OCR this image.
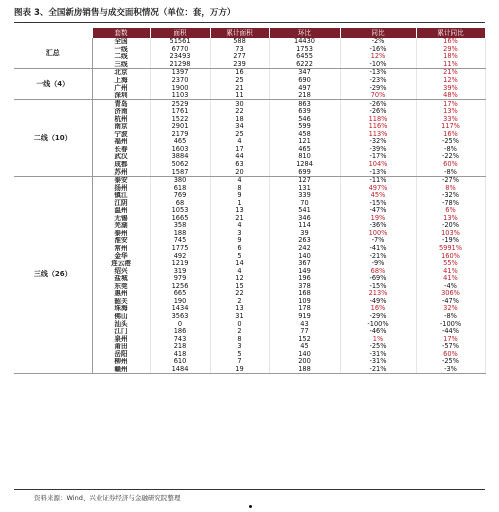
图表 3、全国新房销售与成交面积情况（单位：套，万方）
	套数	面积	累计面积	环比	同比	累计同比	
汇总	全国	51561	588	14430	-2%	16%	
	一线	6770	73	1753	-16%	29%	
	二线	23493	277	6455	12%	18%	
	三线	21298	239	6222	-10%	11%	
一线（4）	北京	1397	16	347	-13%	21%	
	上海	2370	25	690	-23%	12%	
	广州	1900	21	497	-29%	39%	
	深圳	1103	11	218	70%	48%	
二线（10）	青岛	2529	30	863	-26%	17%	
	济南	1761	22	639	-26%	13%	
	杭州	1522	18	546	118%	33%	
	南京	2901	34	599	116%	117%	
	宁波	2179	25	458	113%	16%	
	福州	465	4	121	-32%	-25%	
	长春	1603	17	465	-39%	-8%	
	武汉	3884	44	810	-17%	-22%	
	成都	5062	63	1284	104%	60%	
	苏州	1587	20	699	-13%	-8%	
三线（26）	泰安	380	4	127	-11%	-27%	
	扬州	618	8	131	497%	8%	
	镇江	769	9	339	45%	-32%	
	江阴	68	1	70	-15%	-78%	
	温州	1053	13	541	-47%	6%	
	无锡	1665	21	346	19%	13%	
	芜湖	358	4	114	-36%	-20%	
	泰州	188	3	39	100%	103%	
	淮安	745	9	263	-7%	-19%	
	常州	1775	6	242	-41%	5991%	
	金华	492	5	140	-21%	160%	
	连云港	1219	14	367	-9%	55%	
	绍兴	319	4	149	68%	41%	
	盐城	979	12	196	-69%	41%	
	东莞	1256	15	378	-15%	-4%	
	惠州	665	22	168	213%	306%	
	韶关	190	2	109	-49%	-47%	
	珠海	1434	13	178	16%	32%	
	佛山	3563	31	919	-29%	-8%	
	汕头	0	0	43	-100%	-100%	
	江门	186	2	77	-46%	-44%	
	泉州	743	8	152	1%	17%	
	莆田	218	3	45	-25%	-57%	
	岳阳	418	5	140	-31%	60%	
	柳州	610	7	200	-31%	-25%	
	赣州	1484	19	188	-21%	-3%	
资料来源：Wind、兴业证券经济与金融研究院整理
